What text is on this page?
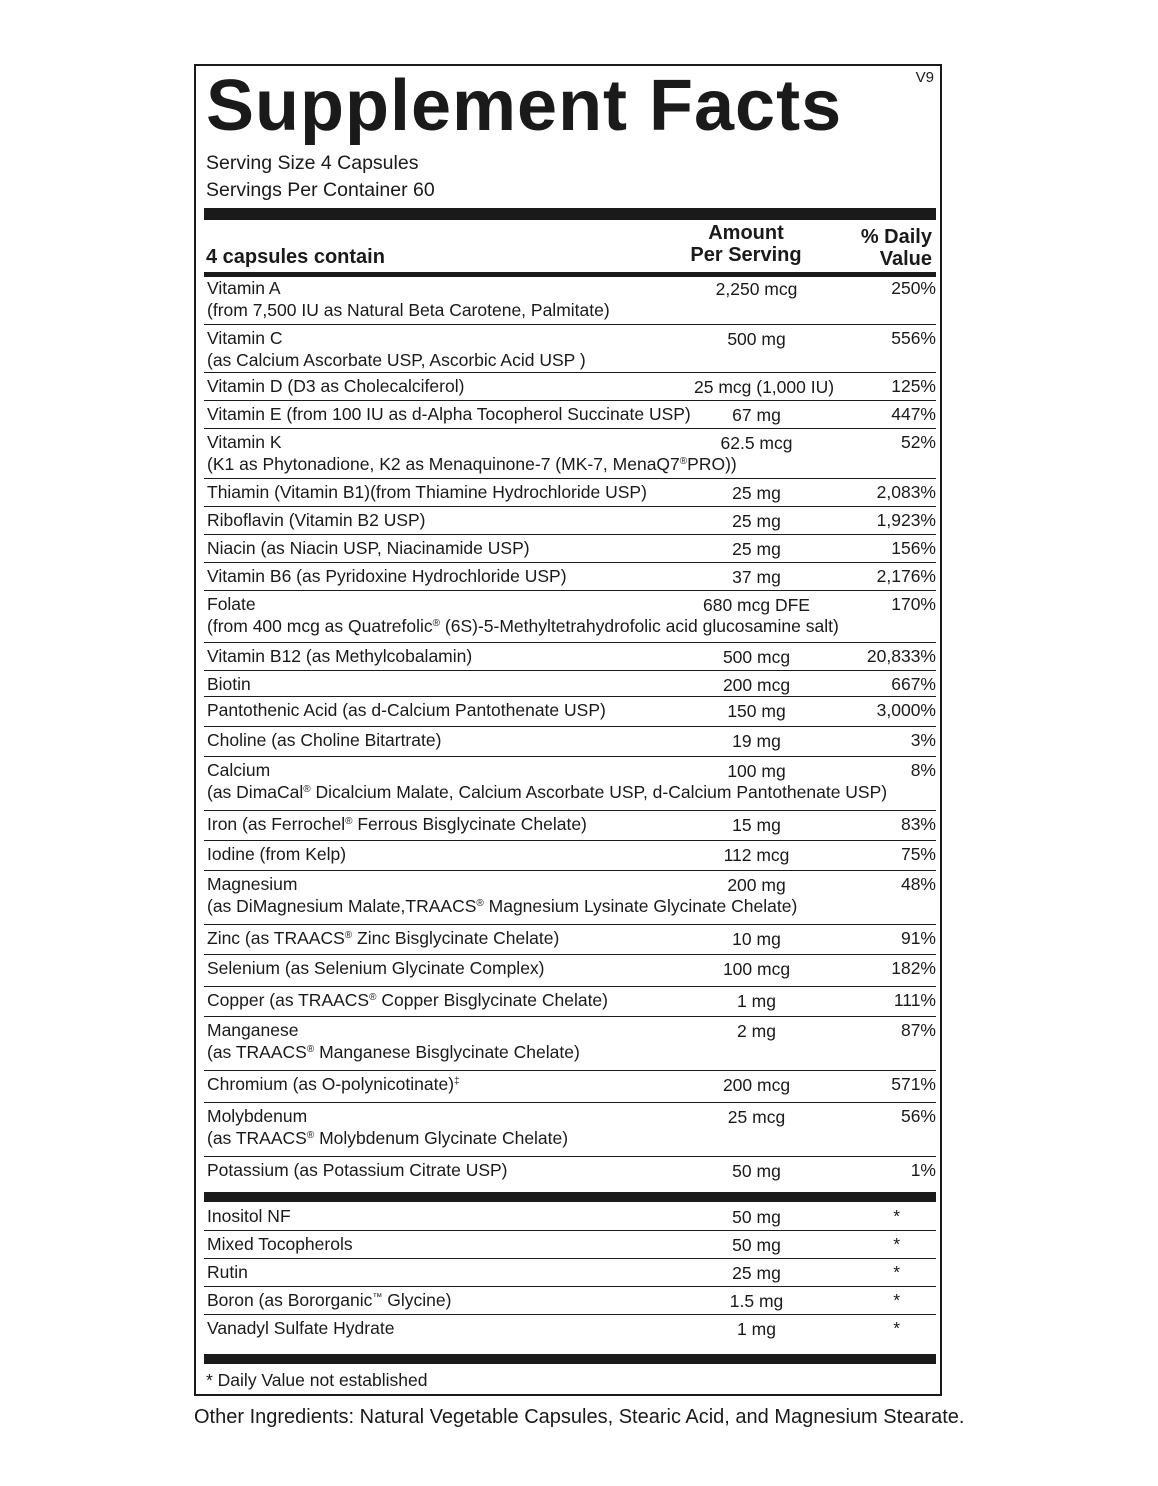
V9
Supplement Facts
Serving Size 4 Capsules
Servings Per Container 60
4 capsules contain
Amount
Per Serving
% Daily
Value
Vitamin A
(from 7,500 IU as Natural Beta Carotene, Palmitate)
2,250 mcg	250%
Vitamin C
(as Calcium Ascorbate USP, Ascorbic Acid USP )
500 mg	556%
Vitamin D (D3 as Cholecalciferol)	25 mcg (1,000 IU)	125%
Vitamin E (from 100 IU as d-Alpha Tocopherol Succinate USP)	67 mg	447%
Vitamin K
(K1 as Phytonadione, K2 as Menaquinone-7 (MK-7, MenaQ7®PRO))
62.5 mcg	52%
Thiamin (Vitamin B1)(from Thiamine Hydrochloride USP)	25 mg	2,083%
Riboflavin (Vitamin B2 USP)	25 mg	1,923%
Niacin (as Niacin USP, Niacinamide USP)	25 mg	156%
Vitamin B6 (as Pyridoxine Hydrochloride USP)	37 mg	2,176%
Folate
(from 400 mcg as Quatrefolic® (6S)-5-Methyltetrahydrofolic acid glucosamine salt)
680 mcg DFE	170%
Vitamin B12 (as Methylcobalamin)	500 mcg	20,833%
Biotin	200 mcg	667%
Pantothenic Acid (as d-Calcium Pantothenate USP)	150 mg	3,000%
Choline (as Choline Bitartrate)	19 mg	3%
Calcium
(as DimaCal® Dicalcium Malate, Calcium Ascorbate USP, d-Calcium Pantothenate USP)
100 mg	8%
Iron (as Ferrochel® Ferrous Bisglycinate Chelate)	15 mg	83%
Iodine (from Kelp)	112 mcg	75%
Magnesium
(as DiMagnesium Malate,TRAACS® Magnesium Lysinate Glycinate Chelate)
200 mg	48%
Zinc (as TRAACS® Zinc Bisglycinate Chelate)	10 mg	91%
Selenium (as Selenium Glycinate Complex)	100 mcg	182%
Copper (as TRAACS® Copper Bisglycinate Chelate)	1 mg	111%
Manganese
(as TRAACS® Manganese Bisglycinate Chelate)
2 mg	87%
Chromium (as O-polynicotinate)‡	200 mcg	571%
Molybdenum
(as TRAACS® Molybdenum Glycinate Chelate)
25 mcg	56%
Potassium (as Potassium Citrate USP)	50 mg	1%
Inositol NF	50 mg	*
Mixed Tocopherols	50 mg	*
Rutin	25 mg	*
Boron (as Bororganic™ Glycine)	1.5 mg	*
Vanadyl Sulfate Hydrate	1 mg	*
* Daily Value not established
Other Ingredients: Natural Vegetable Capsules, Stearic Acid, and Magnesium Stearate.
